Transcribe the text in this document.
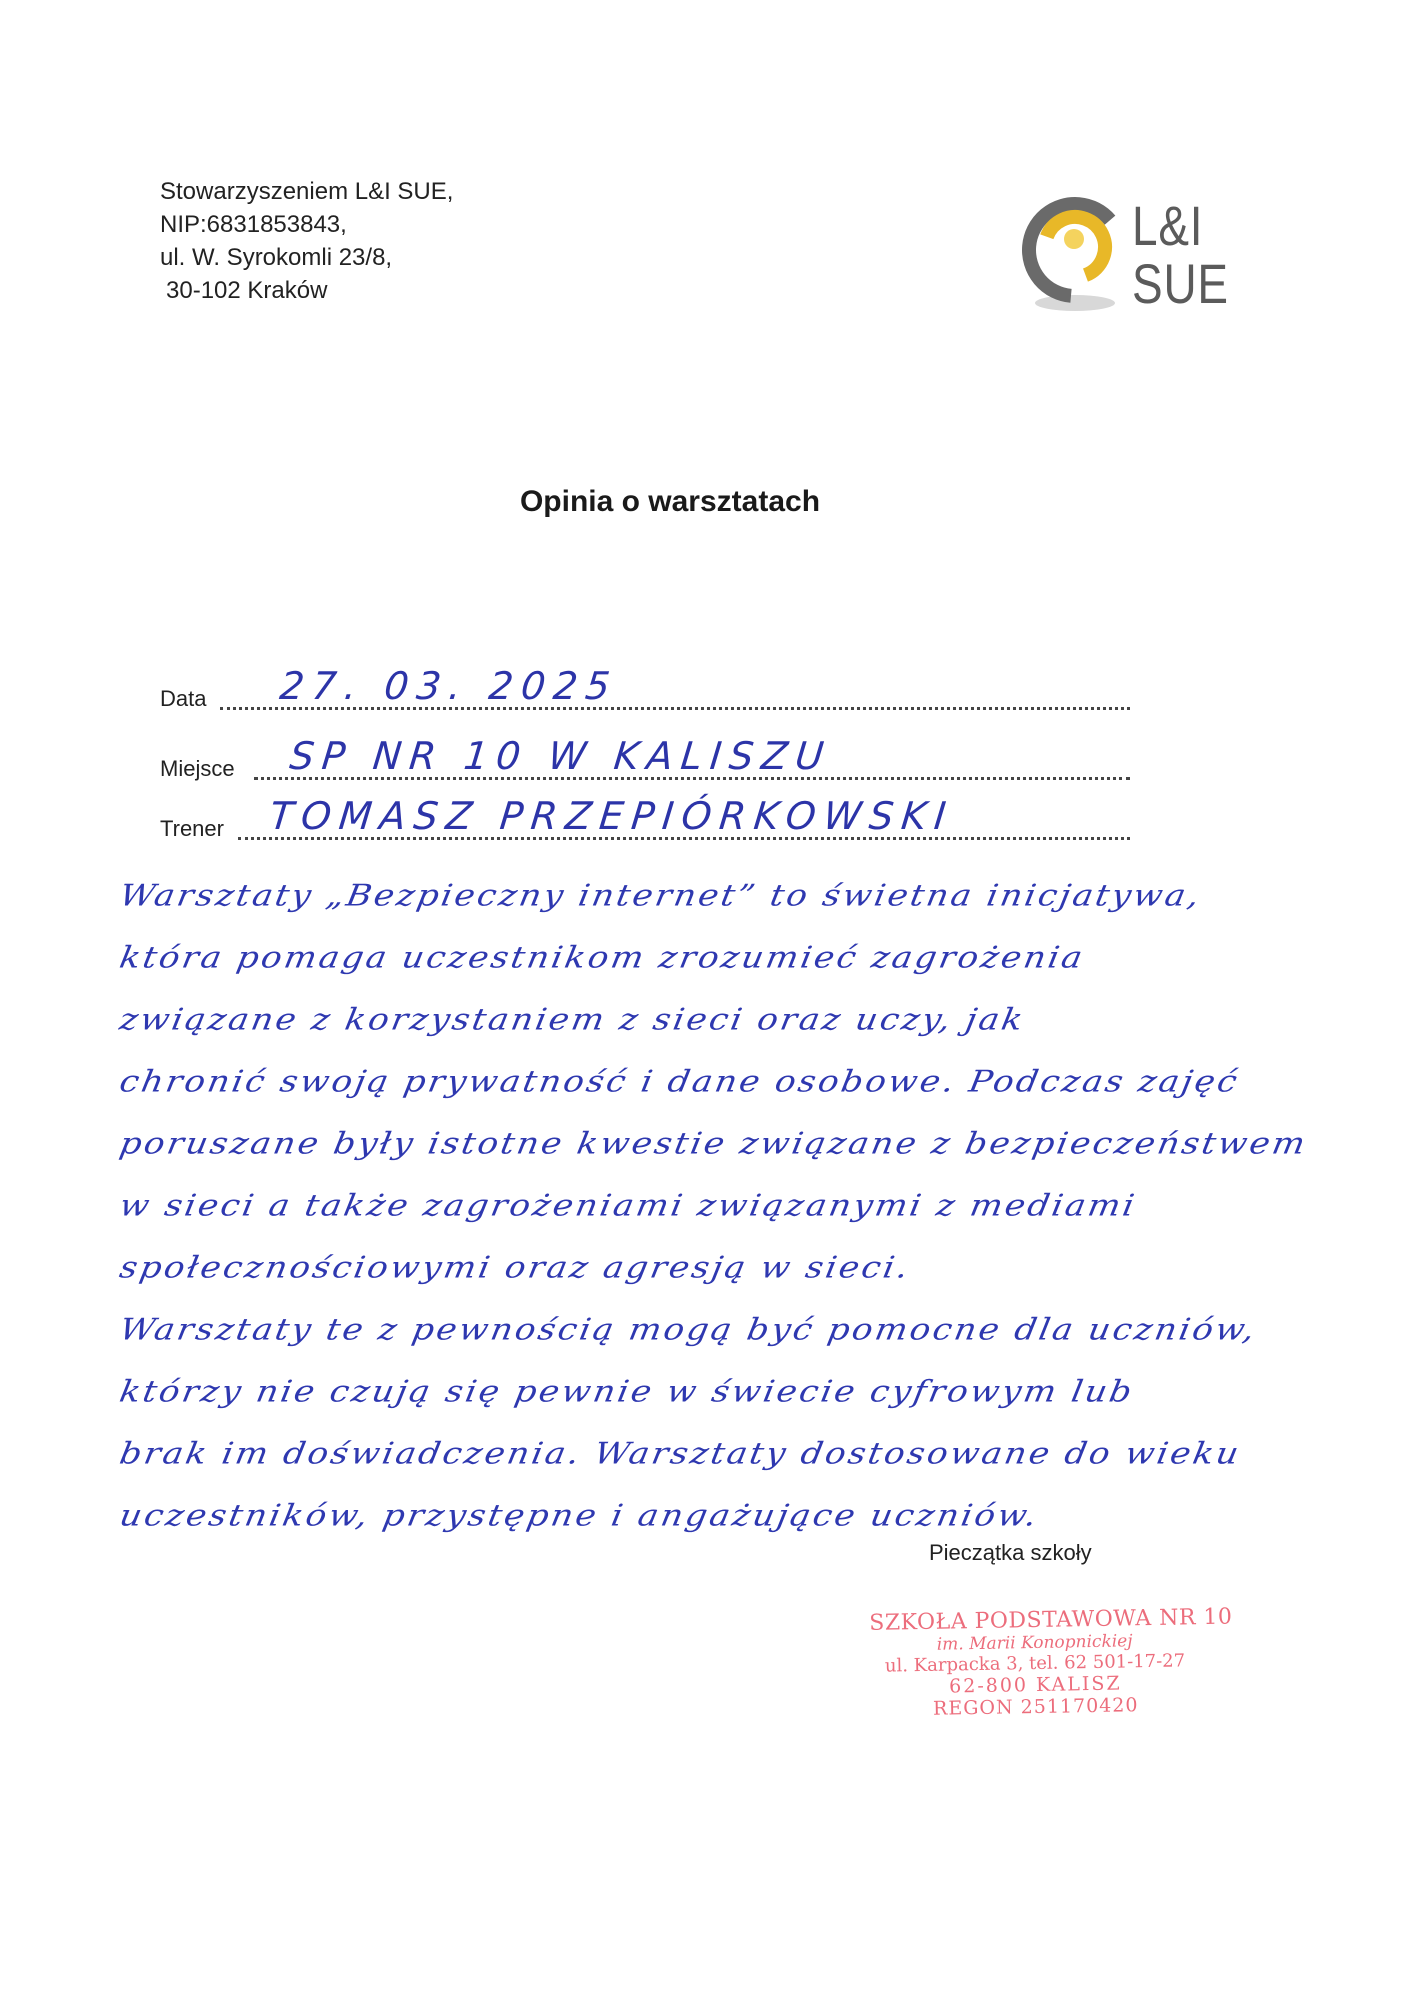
Stowarzyszeniem L&I SUE,
NIP:6831853843,
ul. W. Syrokomli 23/8,
30-102 Kraków
L&I
SUE
Opinia o warsztatach
Data 27. 03. 2025
Miejsce SP NR 10 W KALISZU
Trener TOMASZ PRZEPIÓRKOWSKI
Warsztaty „Bezpieczny internet” to świetna inicjatywa,
która pomaga uczestnikom zrozumieć zagrożenia
związane z korzystaniem z sieci oraz uczy, jak
chronić swoją prywatność i dane osobowe. Podczas zajęć
poruszane były istotne kwestie związane z bezpieczeństwem
w sieci a także zagrożeniami związanymi z mediami
społecznościowymi oraz agresją w sieci.
Warsztaty te z pewnością mogą być pomocne dla uczniów,
którzy nie czują się pewnie w świecie cyfrowym lub
brak im doświadczenia. Warsztaty dostosowane do wieku
uczestników, przystępne i angażujące uczniów.
Pieczątka szkoły
SZKOŁA PODSTAWOWA NR 10
im. Marii Konopnickiej
ul. Karpacka 3, tel. 62 501-17-27
62-800 KALISZ
REGON 251170420
